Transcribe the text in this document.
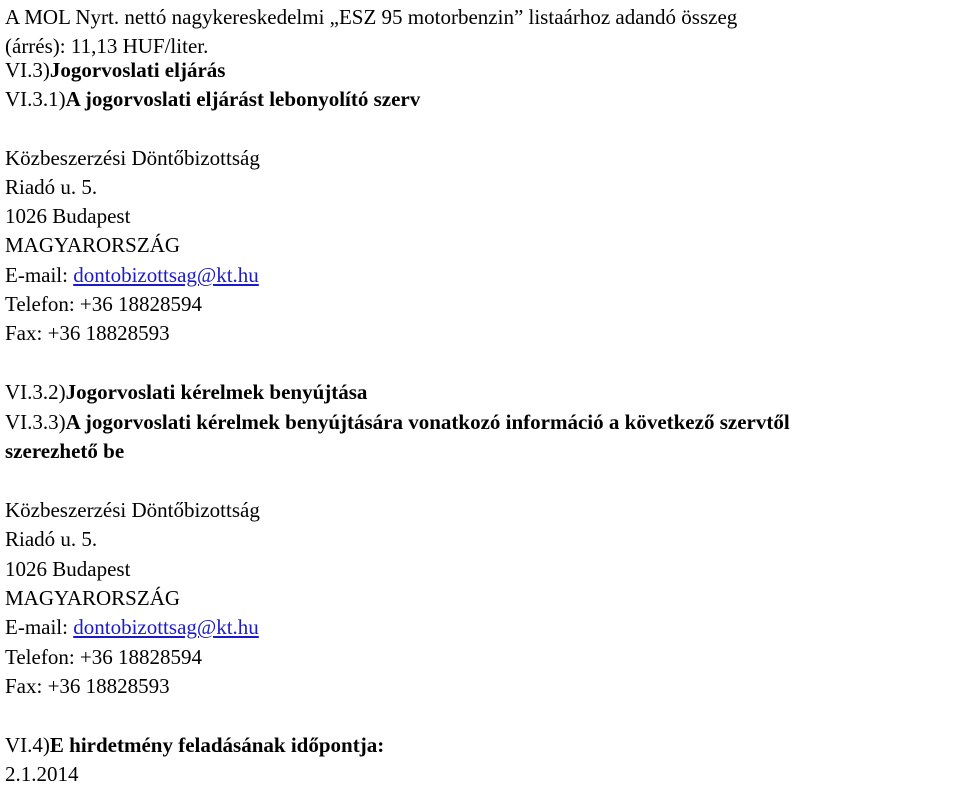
A MOL Nyrt. nettó nagykereskedelmi „ESZ 95 motorbenzin” listaárhoz adandó összeg
(árrés): 11,13 HUF/liter.
VI.3)Jogorvoslati eljárás
VI.3.1)A jogorvoslati eljárást lebonyolító szerv
Közbeszerzési Döntőbizottság
Riadó u. 5.
1026 Budapest
MAGYARORSZÁG
E-mail: dontobizottsag@kt.hu
Telefon: +36 18828594
Fax: +36 18828593
VI.3.2)Jogorvoslati kérelmek benyújtása
VI.3.3)A jogorvoslati kérelmek benyújtására vonatkozó információ a következő szervtől
szerezhető be
Közbeszerzési Döntőbizottság
Riadó u. 5.
1026 Budapest
MAGYARORSZÁG
E-mail: dontobizottsag@kt.hu
Telefon: +36 18828594
Fax: +36 18828593
VI.4)E hirdetmény feladásának időpontja:
2.1.2014
